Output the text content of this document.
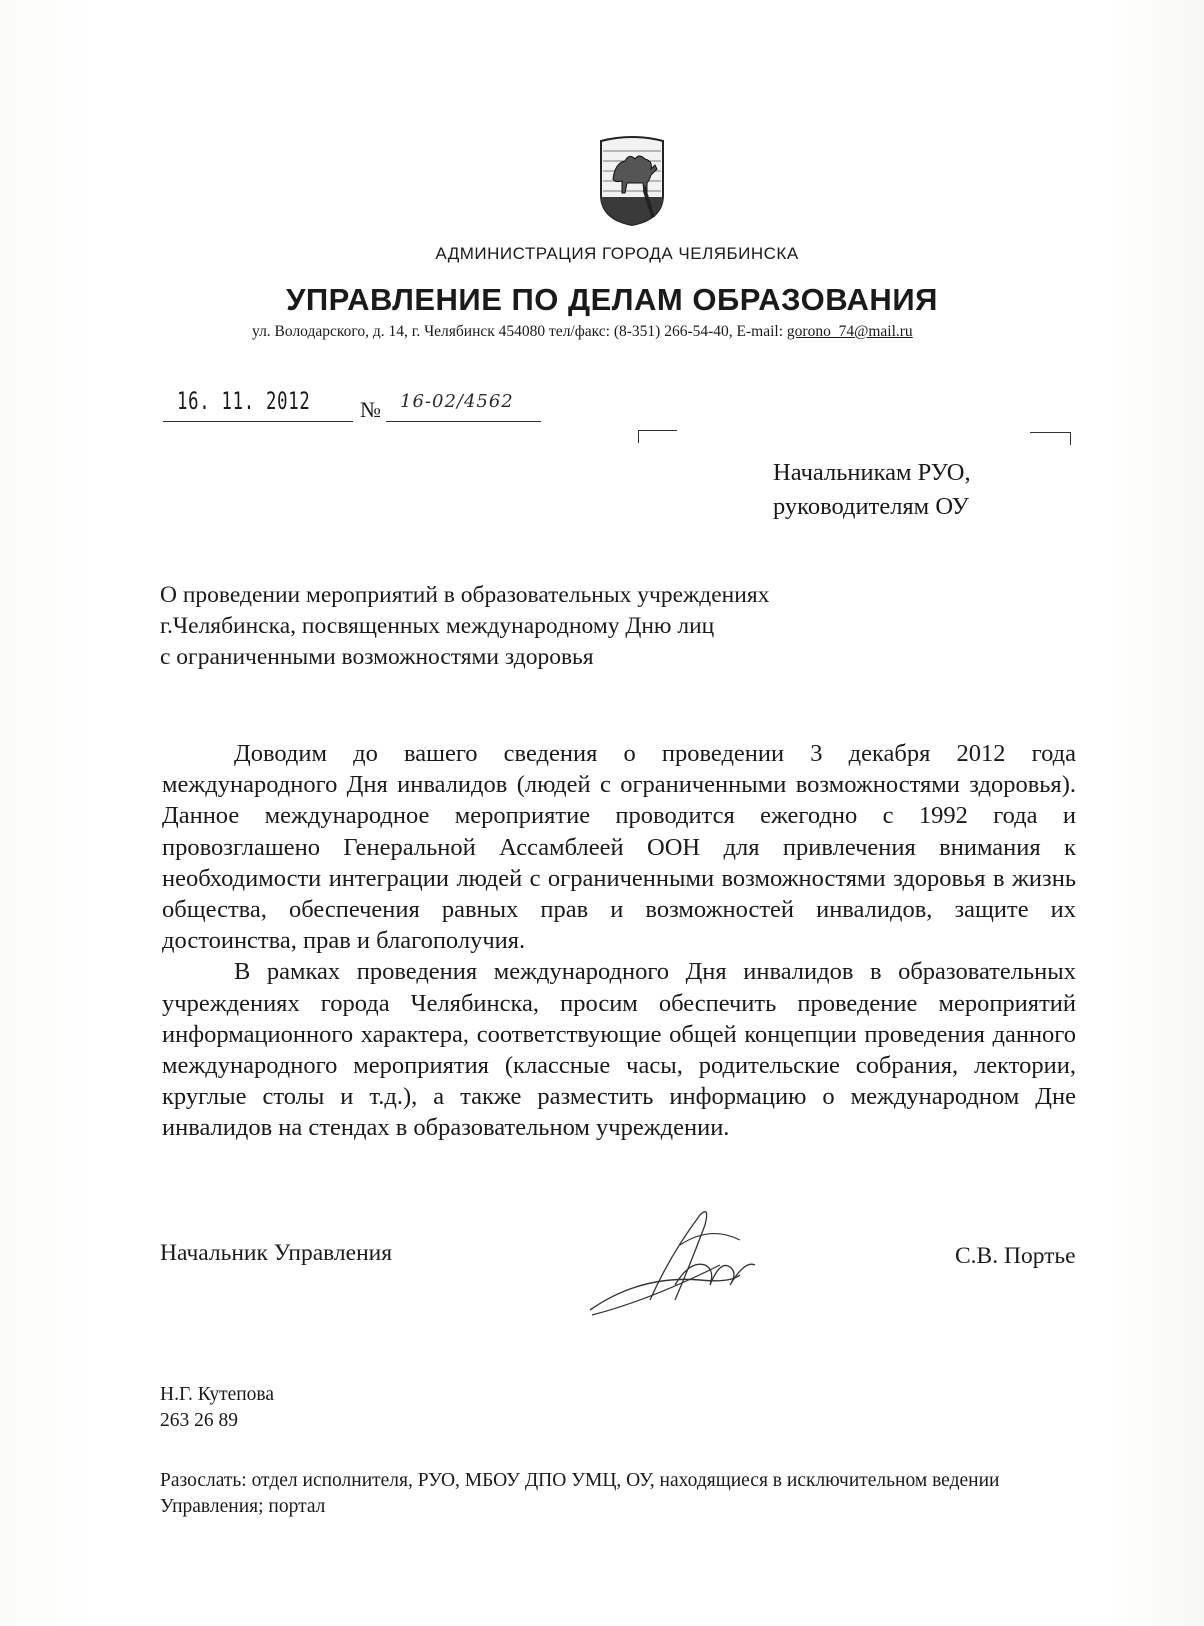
АДМИНИСТРАЦИЯ ГОРОДА ЧЕЛЯБИНСКА
УПРАВЛЕНИЕ ПО ДЕЛАМ ОБРАЗОВАНИЯ
ул. Володарского, д. 14, г. Челябинск 454080 тел/факс: (8-351) 266-54-40, E-mail: gorono_74@mail.ru
16. 11. 2012 № 16-02/4562
Начальникам РУО,
руководителям ОУ
О проведении мероприятий в образовательных учреждениях
г.Челябинска, посвященных международному Дню лиц
с ограниченными возможностями здоровья

Доводим до вашего сведения о проведении 3 декабря 2012 года международного Дня инвалидов (людей с ограниченными возможностями здоровья). Данное международное мероприятие проводится ежегодно с 1992 года и провозглашено Генеральной Ассамблеей ООН для привлечения внимания к необходимости интеграции людей с ограниченными возможностями здоровья в жизнь общества, обеспечения равных прав и возможностей инвалидов, защите их достоинства, прав и благополучия.

В рамках проведения международного Дня инвалидов в образовательных учреждениях города Челябинска, просим обеспечить проведение мероприятий информационного характера, соответствующие общей концепции проведения данного международного мероприятия (классные часы, родительские собрания, лектории, круглые столы и т.д.), а также разместить информацию о международном Дне инвалидов на стендах в образовательном учреждении.

Начальник Управления	С.В. Портье
Н.Г. Кутепова
263 26 89
Разослать: отдел исполнителя, РУО, МБОУ ДПО УМЦ, ОУ, находящиеся в исключительном ведении Управления; портал
